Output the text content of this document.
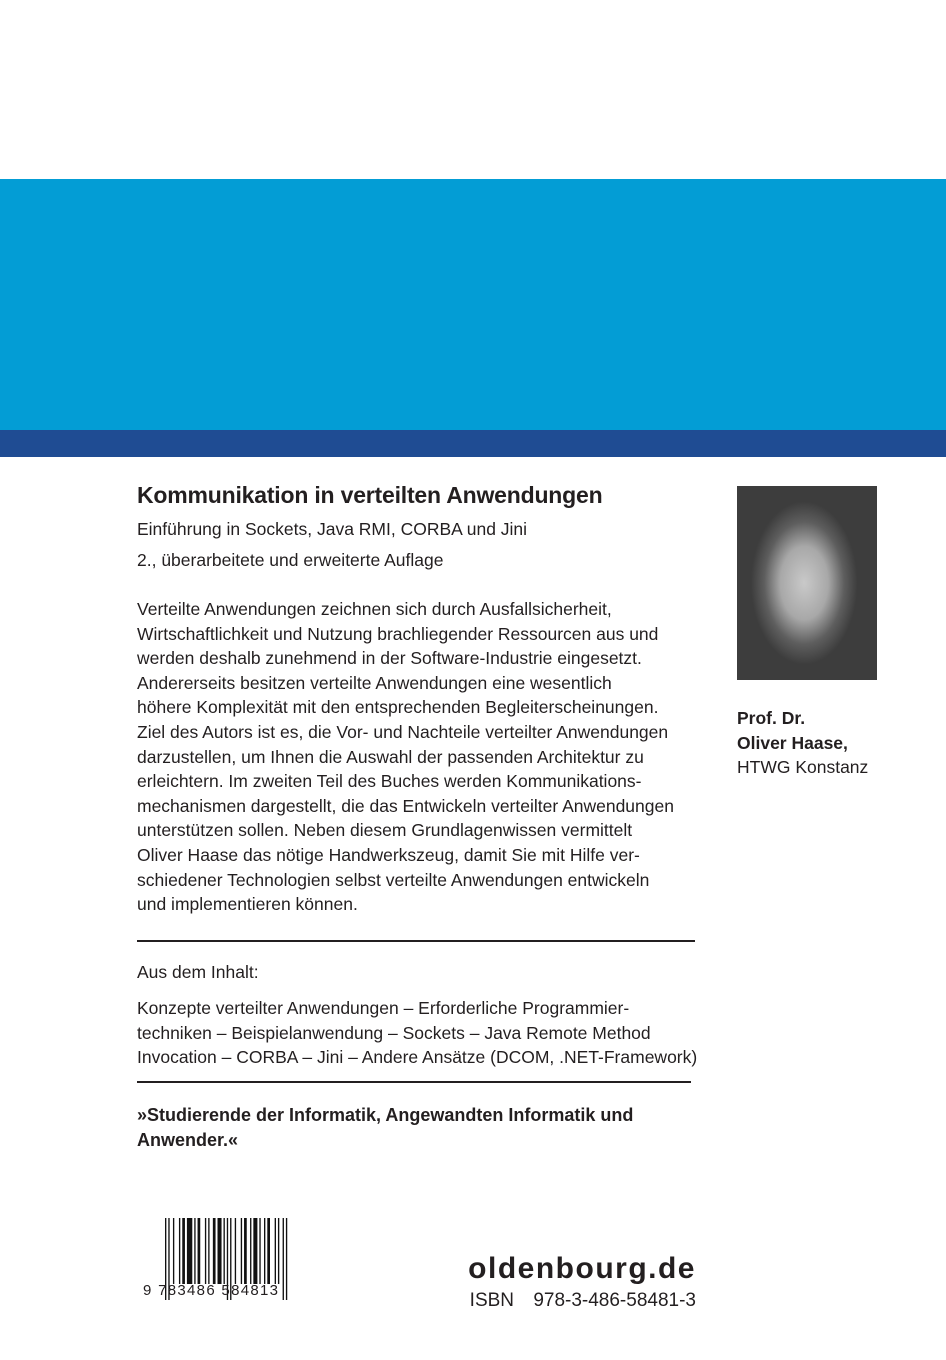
Kommunikation in verteilten Anwendungen
Einführung in Sockets, Java RMI, CORBA und Jini
2., überarbeitete und erweiterte Auflage
Verteilte Anwendungen zeichnen sich durch Ausfallsicherheit,
Wirtschaftlichkeit und Nutzung brachliegender Ressourcen aus und
werden deshalb zunehmend in der Software-Industrie eingesetzt.
Andererseits besitzen verteilte Anwendungen eine wesentlich
höhere Komplexität mit den entsprechenden Begleiterscheinungen.
Ziel des Autors ist es, die Vor- und Nachteile verteilter Anwendungen
darzustellen, um Ihnen die Auswahl der passenden Architektur zu
erleichtern. Im zweiten Teil des Buches werden Kommunikations-
mechanismen dargestellt, die das Entwickeln verteilter Anwendungen
unterstützen sollen. Neben diesem Grundlagenwissen vermittelt
Oliver Haase das nötige Handwerkszeug, damit Sie mit Hilfe ver-
schiedener Technologien selbst verteilte Anwendungen entwickeln
und implementieren können.
Aus dem Inhalt:
Konzepte verteilter Anwendungen – Erforderliche Programmier-
techniken – Beispielanwendung – Sockets – Java Remote Method
Invocation – CORBA – Jini – Andere Ansätze (DCOM, .NET-Framework)
»Studierende der Informatik, Angewandten Informatik und
Anwender.«
Prof. Dr.
Oliver Haase,
HTWG Konstanz
9 783486 584813
oldenbourg.de
ISBN 978-3-486-58481-3
